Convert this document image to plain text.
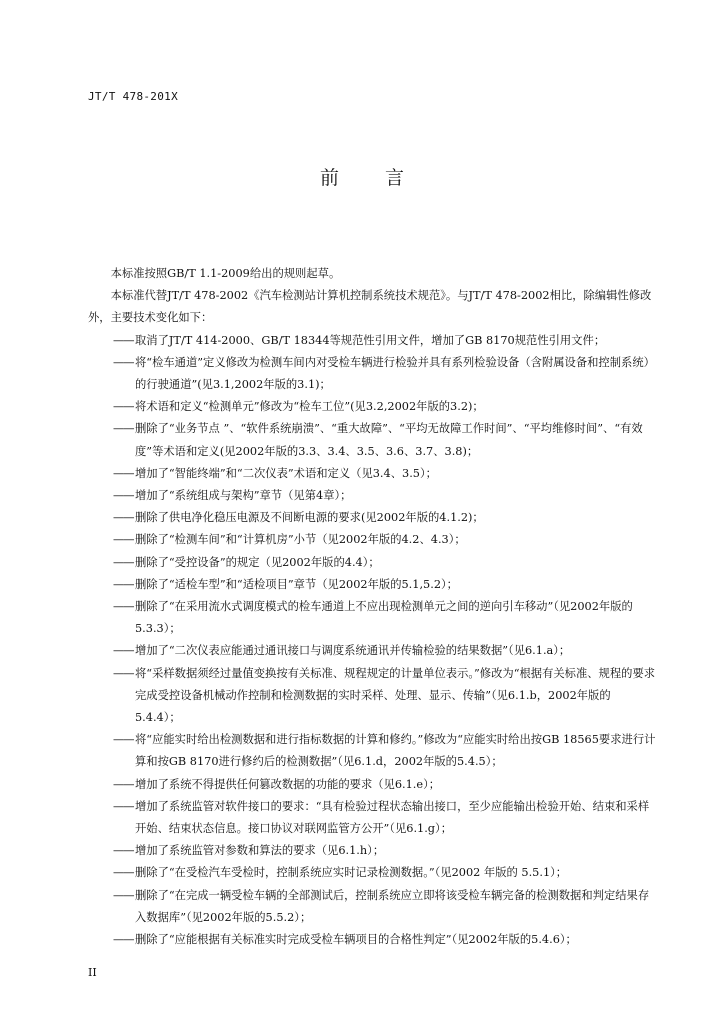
JT/T 478-201X
前言

本标准按照GB/T 1.1-2009给出的规则起草。

本标准代替JT/T 478-2002《汽车检测站计算机控制系统技术规范》。与JT/T 478-2002相比，除编辑性修改外，主要技术变化如下：

——取消了JT/T 414-2000、GB/T 18344等规范性引用文件，增加了GB 8170规范性引用文件；

——将“检车通道”定义修改为检测车间内对受检车辆进行检验并具有系列检验设备（含附属设备和控制系统）的行驶通道”(见3.1,2002年版的3.1)；

——将术语和定义“检测单元”修改为“检车工位”(见3.2,2002年版的3.2)；

——删除了“业务节点 ”、“软件系统崩溃”、“重大故障”、“平均无故障工作时间”、“平均维修时间”、“有效度”等术语和定义(见2002年版的3.3、3.4、3.5、3.6、3.7、3.8)；

——增加了“智能终端”和“二次仪表”术语和定义（见3.4、3.5）；

——增加了“系统组成与架构”章节（见第4章）；

——删除了供电净化稳压电源及不间断电源的要求(见2002年版的4.1.2)；

——删除了“检测车间”和“计算机房”小节（见2002年版的4.2、4.3）；

——删除了“受控设备”的规定（见2002年版的4.4）；

——删除了“适检车型”和“适检项目”章节（见2002年版的5.1,5.2）；

——删除了“在采用流水式调度模式的检车通道上不应出现检测单元之间的逆向引车移动”（见2002年版的5.3.3）；

——增加了“二次仪表应能通过通讯接口与调度系统通讯并传输检验的结果数据”（见6.1.a）；

——将“采样数据须经过量值变换按有关标准、规程规定的计量单位表示。”修改为“根据有关标准、规程的要求完成受控设备机械动作控制和检测数据的实时采样、处理、显示、传输”（见6.1.b，2002年版的5.4.4）；

——将“应能实时给出检测数据和进行指标数据的计算和修约。”修改为“应能实时给出按GB 18565要求进行计算和按GB 8170进行修约后的检测数据”（见6.1.d，2002年版的5.4.5）；

——增加了系统不得提供任何篡改数据的功能的要求（见6.1.e）；

——增加了系统监管对软件接口的要求：“具有检验过程状态输出接口，至少应能输出检验开始、结束和采样开始、结束状态信息。接口协议对联网监管方公开”（见6.1.g）；

——增加了系统监管对参数和算法的要求（见6.1.h）；

——删除了“在受检汽车受检时，控制系统应实时记录检测数据。”（见2002 年版的 5.5.1）；

——删除了“在完成一辆受检车辆的全部测试后，控制系统应立即将该受检车辆完备的检测数据和判定结果存入数据库”（见2002年版的5.5.2）；

——删除了“应能根据有关标准实时完成受检车辆项目的合格性判定”（见2002年版的5.4.6）；

II
